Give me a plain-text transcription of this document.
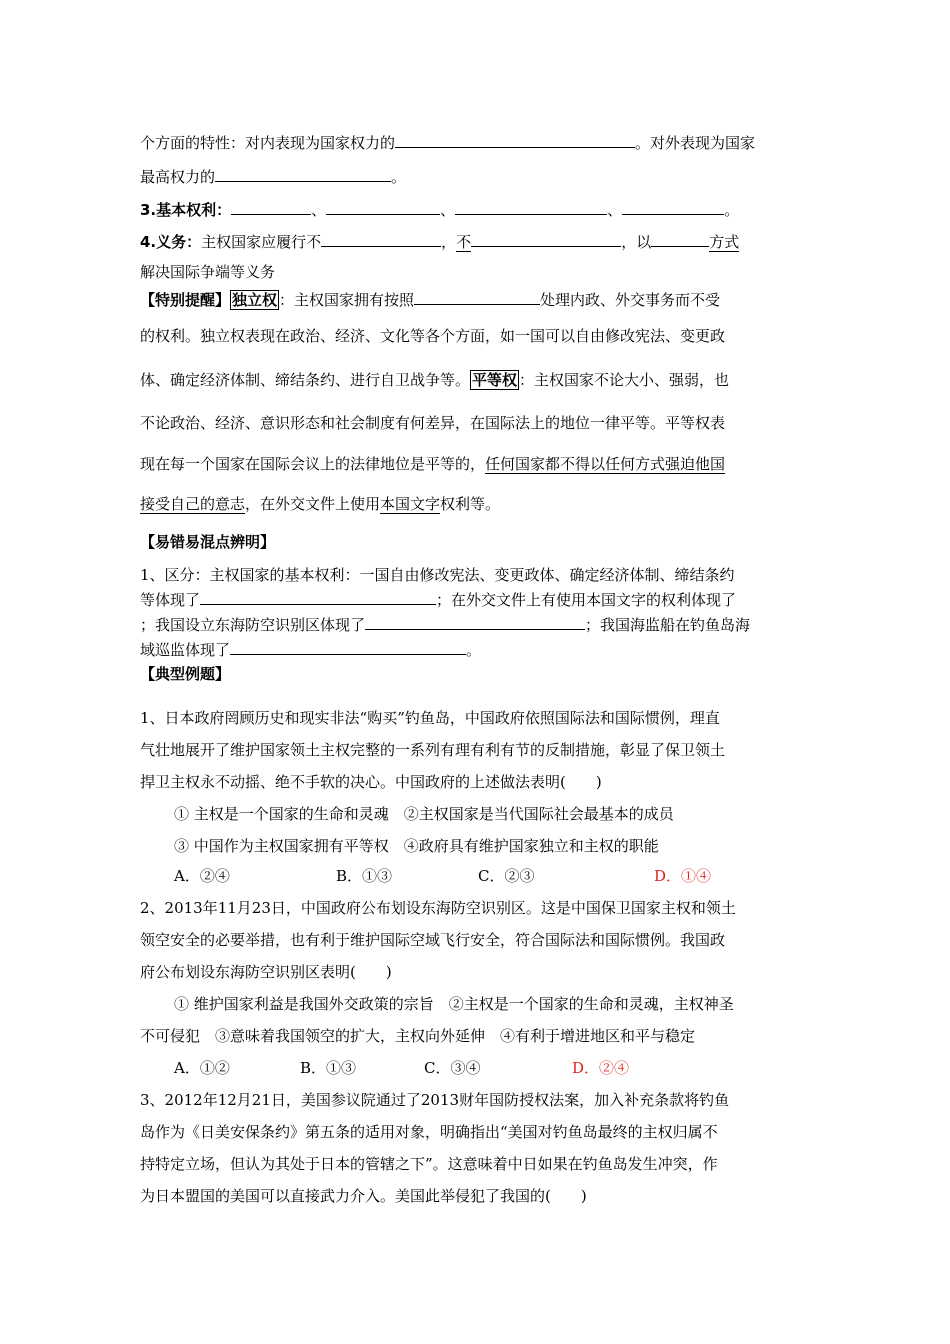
个方面的特性：对内表现为国家权力的	。对外表现为国家
最高权力的	。
3.基本权利：	、	、	、	。
4.义务：主权国家应履行不	，不	，以	方式
解决国际争端等义务
【特别提醒】 独立权 ：主权国家拥有按照	处理内政、外交事务而不受
的权利。独立权表现在政治、经济、文化等各个方面，如一国可以自由修改宪法、变更政
体、确定经济体制、缔结条约、进行自卫战争等。 平等权 ：主权国家不论大小、强弱，也
不论政治、经济、意识形态和社会制度有何差异，在国际法上的地位一律平等。平等权表
现在每一个国家在国际会议上的法律地位是平等的，任何国家都不得以任何方式强迫他国
接受自己的意志，在外交文件上使用本国文字权利等。
【易错易混点辨明】
1、区分：主权国家的基本权利：一国自由修改宪法、变更政体、确定经济体制、缔结条约
等体现了	；在外交文件上有使用本国文字的权利体现了
；我国设立东海防空识别区体现了	；我国海监船在钓鱼岛海
域巡监体现了	。
【典型例题】
1、日本政府罔顾历史和现实非法“购买”钓鱼岛，中国政府依照国际法和国际惯例，理直
气壮地展开了维护国家领土主权完整的一系列有理有利有节的反制措施，彰显了保卫领土
捍卫主权永不动摇、绝不手软的决心。中国政府的上述做法表明(　　)
① 主权是一个国家的生命和灵魂　②主权国家是当代国际社会最基本的成员
③ 中国作为主权国家拥有平等权　④政府具有维护国家独立和主权的职能
A．②④	B．①③	C．②③	D．①④
2、2013年11月23日，中国政府公布划设东海防空识别区。这是中国保卫国家主权和领土
领空安全的必要举措，也有利于维护国际空域飞行安全，符合国际法和国际惯例。我国政
府公布划设东海防空识别区表明(　　)
① 维护国家利益是我国外交政策的宗旨　②主权是一个国家的生命和灵魂，主权神圣
不可侵犯　③意味着我国领空的扩大，主权向外延伸　④有利于增进地区和平与稳定
A．①②	B．①③	C．③④	D．②④
3、2012年12月21日，美国参议院通过了2013财年国防授权法案，加入补充条款将钓鱼
岛作为《日美安保条约》第五条的适用对象，明确指出“美国对钓鱼岛最终的主权归属不
持特定立场，但认为其处于日本的管辖之下”。这意味着中日如果在钓鱼岛发生冲突，作
为日本盟国的美国可以直接武力介入。美国此举侵犯了我国的(　　)
